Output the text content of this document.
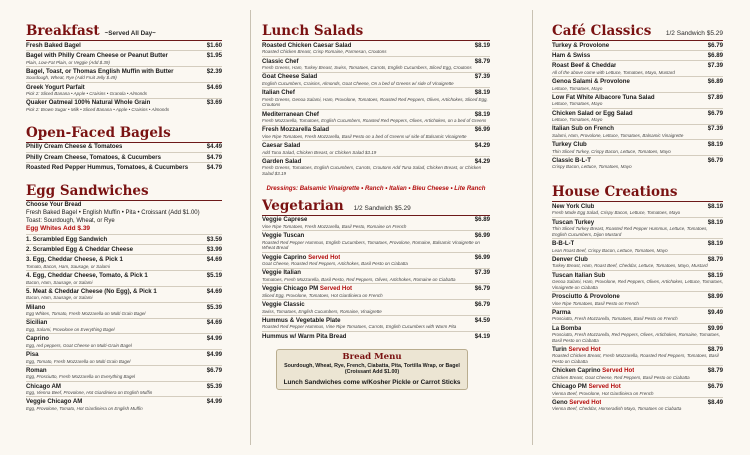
Breakfast ~Served All Day~
Fresh Baked Bagel	$1.60
Bagel with Philly Cream Cheese or Peanut Butter	$1.95
Plain, Low-Fat Plain, or Veggie (Add $.39)
Bagel, Toast, or Thomas English Muffin with Butter	$2.39
Sourdough, Wheat, Rye (Add Fruit Jelly $.49)
Greek Yogurt Parfait	$4.69
Pick 2: Sliced Banana • Apple • Craisins • Granola • Almonds
Quaker Oatmeal 100% Natural Whole Grain	$3.69
Pick 2: Brown Sugar • Milk • Sliced Banana • Apple • Craisins • Almonds
Open-Faced Bagels
Philly Cream Cheese & Tomatoes	$4.49
Philly Cream Cheese, Tomatoes, & Cucumbers	$4.79
Roasted Red Pepper Hummus, Tomatoes, & Cucumbers	$4.79
Egg Sandwiches
Choose Your Bread
Fresh Baked Bagel • English Muffin • Pita • Croissant (Add $1.00)
Toast: Sourdough, Wheat, or Rye
Egg Whites Add $.39
1. Scrambled Egg Sandwich	$3.59
2. Scrambled Egg & Cheddar Cheese	$3.99
3. Egg, Cheddar Cheese, & Pick 1	$4.69
Tomato, Bacon, Ham, Sausage, or Salami
4. Egg, Cheddar Cheese, Tomato, & Pick 1	$5.19
Bacon, Ham, Sausage, or Salami
5. Meat & Cheddar Cheese (No Egg), & Pick 1	$4.69
Bacon, Ham, Sausage, or Salami
Milano	$5.39
Egg Whites, Tomato, Fresh Mozzarella on Multi Grain Bagel
Sicilian	$4.69
Egg, Salami, Provolone on Everything Bagel
Caprino	$4.99
Egg, red peppers, Goat Cheese on Multi-Grain Bagel
Pisa	$4.99
Egg, Tomato, Fresh Mozzarella on Multi Grain Bagel
Roman	$6.79
Egg, Prosciutto, Fresh Mozzarella on Everything Bagel
Chicago AM	$5.39
Egg, Vienna Beef, Provolone, Hot Giardiniera on English Muffin
Veggie Chicago AM	$4.99
Egg, Provolone, Tomato, Hot Giardiniera on English Muffin
Lunch Salads
Roasted Chicken Caesar Salad	$8.19
Roasted Chicken Breast, Crisp Romaine, Parmesan, Croutons
Classic Chef	$8.79
Fresh Greens, Ham, Turkey Breast, Swiss, Tomatoes, Carrots, English Cucumbers, Sliced Egg, Croutons
Goat Cheese Salad	$7.39
English Cucumbers, Craisins, Almonds, Goat Cheese, On a bed of Greens w/ side of Vinaigrette
Italian Chef	$8.19
Fresh Greens, Genoa Salami, Ham, Provolone, Tomatoes, Roasted Red Peppers, Olives, Artichokes, Sliced Egg, Croutons
Mediterranean Chef	$8.19
Fresh Mozzarella, Tomatoes, English Cucumbers, Roasted Red Peppers, Olives, Artichokes, on a bed of Greens
Fresh Mozzarella Salad	$6.99
Vine Ripe Tomatoes, Fresh Mozzarella, Basil Pesto on a bed of Greens w/ side of Balsamic Vinaigrette
Caesar Salad	$4.29
Add Tuna Salad, Chicken Breast, or Chicken Salad $3.19
Garden Salad	$4.29
Fresh Greens, Tomatoes, English Cucumbers, Carrots, Croutons Add Tuna Salad, Chicken Breast, or Chicken Salad $3.19
Dressings: Balsamic Vinaigrette • Ranch • Italian • Bleu Cheese • Lite Ranch
Vegetarian 1/2 Sandwich $5.29
Veggie Caprese	$6.89
Vine Ripe Tomatoes, Fresh Mozzarella, Basil Pesto, Romaine on French
Veggie Tuscan	$6.99
Roasted Red Pepper Hummus, English Cucumbers, Tomatoes, Provolone, Romaine, Balsamic Vinaigrette on Wheat Bread
Veggie Caprino Served Hot	$6.99
Goat Cheese, Roasted Red Peppers, Artichokes, Basil Pesto on Ciabatta
Veggie Italian	$7.39
Tomatoes, Fresh Mozzarella, Basil Pesto, Red Peppers, Olives, Artichokes, Romaine on Ciabatta
Veggie Chicago PM Served Hot	$6.79
Sliced Egg, Provolone, Tomatoes, Hot Giardiniera on French
Veggie Classic	$6.79
Swiss, Tomatoes, English Cucumbers, Romaine, Vinaigrette
Hummus & Vegetable Plate	$4.59
Roasted Red Pepper Hummus, Vine Ripe Tomatoes, Carrots, English Cucumbers with Warm Pita
Hummus w/ Warm Pita Bread	$4.19
Bread Menu
Sourdough, Wheat, Rye, French, Ciabatta, Pita, Tortilla Wrap, or Bagel (Croissant Add $1.00)
Lunch Sandwiches come w/Kosher Pickle or Carrot Sticks
Café Classics 1/2 Sandwich $5.29
Turkey & Provolone	$6.79
Ham & Swiss	$6.89
Roast Beef & Cheddar	$7.39
All of the above come with Lettuce, Tomatoes, Mayo, Mustard
Genoa Salami & Provolone	$6.89
Lettuce, Tomatoes, Mayo
Low Fat White Albacore Tuna Salad	$7.89
Lettuce, Tomatoes, Mayo
Chicken Salad or Egg Salad	$6.79
Lettuce, Tomatoes, Mayo
Italian Sub on French	$7.39
Salami, Ham, Provolone, Lettuce, Tomatoes, Balsamic Vinaigrette
Turkey Club	$8.19
Thin Sliced Turkey, Crispy Bacon, Lettuce, Tomatoes, Mayo
Classic B-L-T	$6.79
Crispy Bacon, Lettuce, Tomatoes, Mayo
House Creations
New York Club	$8.19
Fresh Made Egg Salad, Crispy Bacon, Lettuce, Tomatoes, Mayo
Tuscan Turkey	$8.19
Thin Sliced Turkey Breast, Roasted Red Pepper Hummus, Lettuce, Tomatoes, English Cucumbers, Dijon Mustard
B-B-L-T	$8.19
Lean Roast Beef, Crispy Bacon, Lettuce, Tomatoes, Mayo
Denver Club	$8.79
Turkey Breast, Ham, Roast Beef, Cheddar, Lettuce, Tomatoes, Mayo, Mustard
Tuscan Italian Sub	$8.19
Genoa Salami, Ham, Provolone, Red Peppers, Olives, Artichokes, Lettuce, Tomatoes, Vinaigrette on Ciabatta
Prosciutto & Provolone	$8.99
Vine Ripe Tomatoes, Basil Pesto on French
Parma	$9.49
Prosciutto, Fresh Mozzarella, Tomatoes, Basil Pesto on French
La Bomba	$9.99
Prosciutto, Fresh Mozzarella, Red Peppers, Olives, Artichokes, Romaine, Tomatoes, Basil Pesto on Ciabatta
Turin Served Hot	$8.79
Roasted Chicken Breast, Fresh Mozzarella, Roasted Red Peppers, Tomatoes, Basil Pesto on Ciabatta
Chicken Caprino Served Hot	$8.79
Chicken Breast, Goat Cheese, Red Peppers, Basil Pesto on Ciabatta
Chicago PM Served Hot	$6.79
Vienna Beef, Provolone, Hot Giardiniera on French
Geno Served Hot	$8.49
Vienna Beef, Cheddar, Horseradish Mayo, Tomatoes on Ciabatta
